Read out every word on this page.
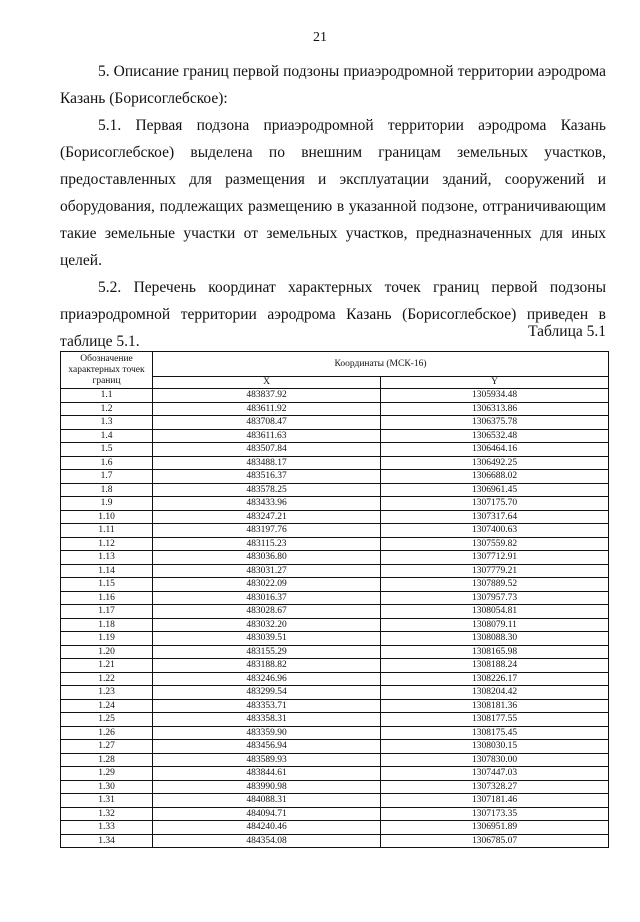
21

5. Описание границ первой подзоны приаэродромной территории аэродрома Казань (Борисоглебское):

5.1. Первая подзона приаэродромной территории аэродрома Казань (Борисоглебское) выделена по внешним границам земельных участков, предоставленных для размещения и эксплуатации зданий, сооружений и оборудования, подлежащих размещению в указанной подзоне, отграничивающим такие земельные участки от земельных участков, предназначенных для иных целей.

5.2. Перечень координат характерных точек границ первой подзоны приаэродромной территории аэродрома Казань (Борисоглебское) приведен в таблице 5.1.

Таблица 5.1
Обозначение характерных точек границ	Координаты (МСК-16)	
	X	Y
1.1	483837.92	1305934.48
1.2	483611.92	1306313.86
1.3	483708.47	1306375.78
1.4	483611.63	1306532.48
1.5	483507.84	1306464.16
1.6	483488.17	1306492.25
1.7	483516.37	1306688.02
1.8	483578.25	1306961.45
1.9	483433.96	1307175.70
1.10	483247.21	1307317.64
1.11	483197.76	1307400.63
1.12	483115.23	1307559.82
1.13	483036.80	1307712.91
1.14	483031.27	1307779.21
1.15	483022.09	1307889.52
1.16	483016.37	1307957.73
1.17	483028.67	1308054.81
1.18	483032.20	1308079.11
1.19	483039.51	1308088.30
1.20	483155.29	1308165.98
1.21	483188.82	1308188.24
1.22	483246.96	1308226.17
1.23	483299.54	1308204.42
1.24	483353.71	1308181.36
1.25	483358.31	1308177.55
1.26	483359.90	1308175.45
1.27	483456.94	1308030.15
1.28	483589.93	1307830.00
1.29	483844.61	1307447.03
1.30	483990.98	1307328.27
1.31	484088.31	1307181.46
1.32	484094.71	1307173.35
1.33	484240.46	1306951.89
1.34	484354.08	1306785.07
